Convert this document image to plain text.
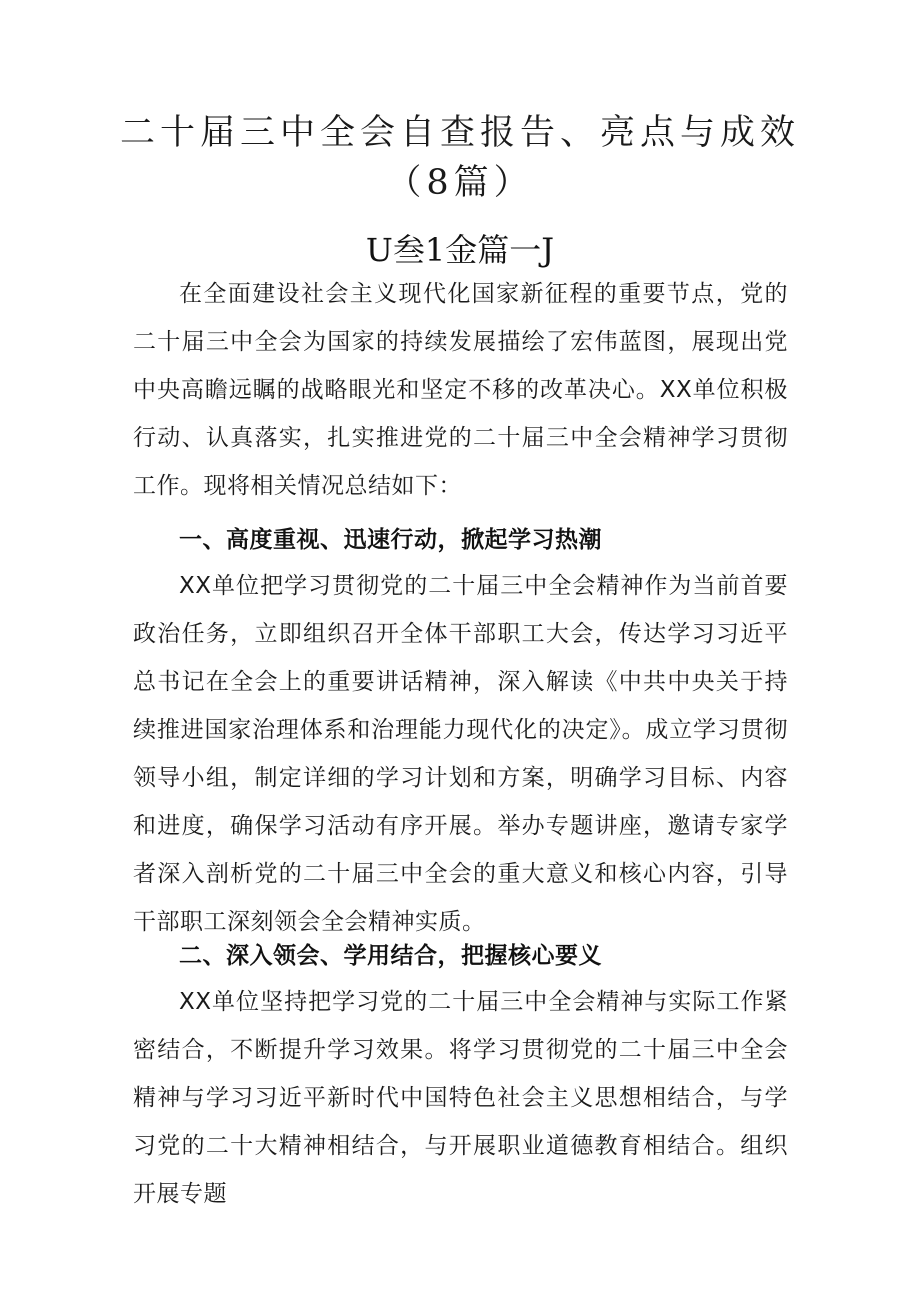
二十届三中全会自查报告、亮点与成效（8篇）
U叁1金篇一J

在全面建设社会主义现代化国家新征程的重要节点，党的二十届三中全会为国家的持续发展描绘了宏伟蓝图，展现出党中央高瞻远瞩的战略眼光和坚定不移的改革决心。XX单位积极行动、认真落实，扎实推进党的二十届三中全会精神学习贯彻工作。现将相关情况总结如下：

一、高度重视、迅速行动，掀起学习热潮

XX单位把学习贯彻党的二十届三中全会精神作为当前首要政治任务，立即组织召开全体干部职工大会，传达学习习近平总书记在全会上的重要讲话精神，深入解读《中共中央关于持续推进国家治理体系和治理能力现代化的决定》。成立学习贯彻领导小组，制定详细的学习计划和方案，明确学习目标、内容和进度，确保学习活动有序开展。举办专题讲座，邀请专家学者深入剖析党的二十届三中全会的重大意义和核心内容，引导干部职工深刻领会全会精神实质。

二、深入领会、学用结合，把握核心要义

XX单位坚持把学习党的二十届三中全会精神与实际工作紧密结合，不断提升学习效果。将学习贯彻党的二十届三中全会精神与学习习近平新时代中国特色社会主义思想相结合，与学习党的二十大精神相结合，与开展职业道德教育相结合。组织开展专题
